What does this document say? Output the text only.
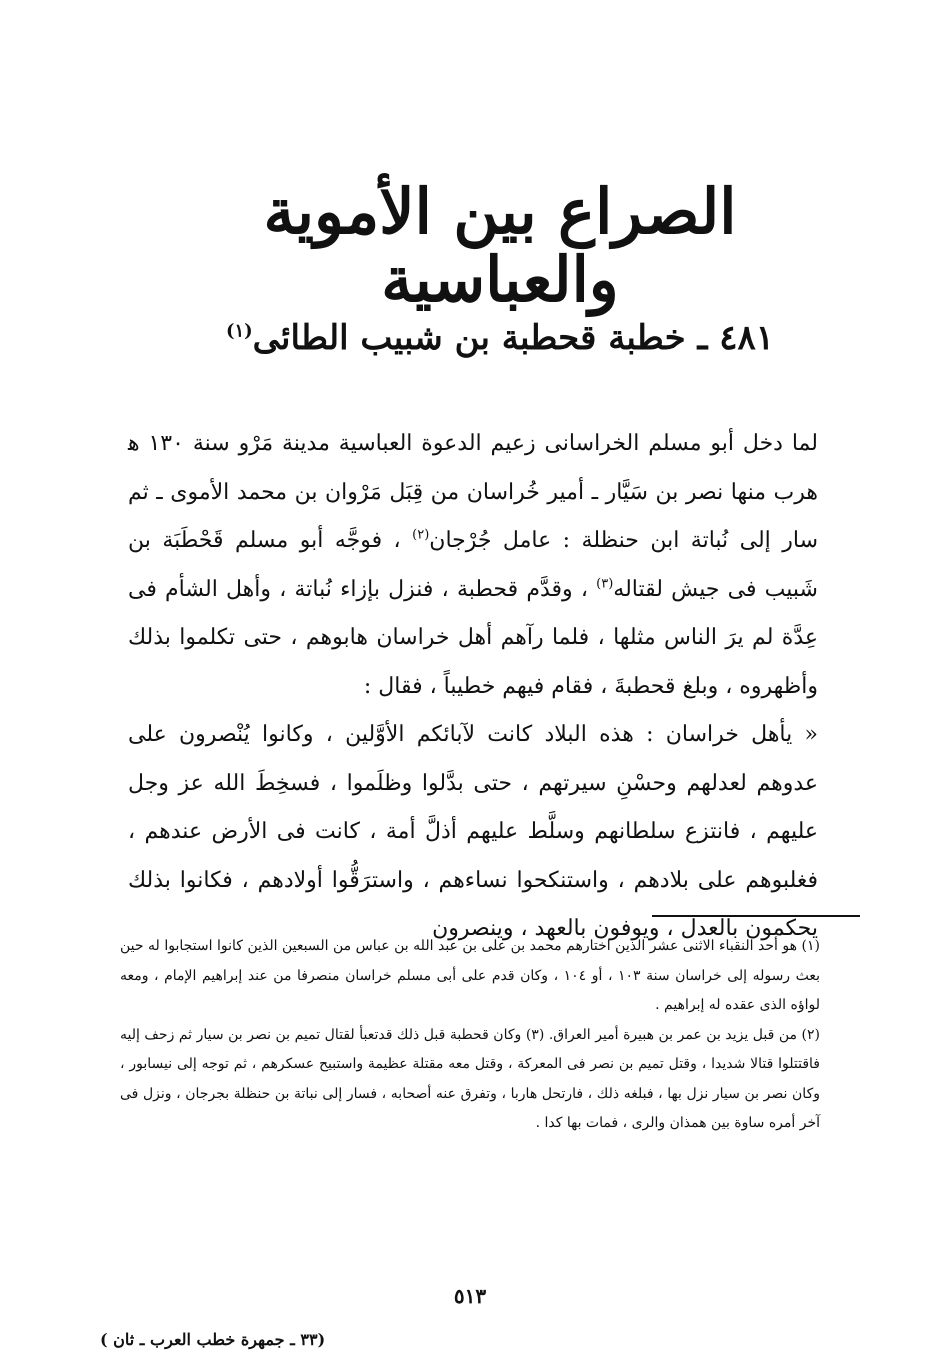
الصراع بين الأموية والعباسية
٤٨١ ـ خطبة قحطبة بن شبيب الطائى$^{(١)}$

لما دخل أبو مسلم الخراسانى زعيم الدعوة العباسية مدينة مَرْو سنة ١٣٠ ﻫ هرب منها نصر بن سَيَّار ـ أمير خُراسان من قِبَل مَرْوان بن محمد الأموى ـ ثم سار إلى نُباتة ابن حنظلة : عامل جُرْجان$^{(٢)}$ ، فوجَّه أبو مسلم قَحْطَبَة بن شَبيب فى جيش لقتاله$^{(٣)}$ ، وقدَّم قحطبة ، فنزل بإزاء نُباتة ، وأهل الشأم فى عِدَّة لم يرَ الناس مثلها ، فلما رآهم أهل خراسان هابوهم ، حتى تكلموا بذلك وأظهروه ، وبلغ قحطبةَ ، فقام فيهم خطيباً ، فقال :

« يأهل خراسان : هذه البلاد كانت لآبائكم الأوَّلين ، وكانوا يُنْصرون على عدوهم لعدلهم وحسْنِ سيرتهم ، حتى بدَّلوا وظلَموا ، فسخِطَ الله عز وجل عليهم ، فانتزع سلطانهم وسلَّط عليهم أذلَّ أمة ، كانت فى الأرض عندهم ، فغلبوهم على بلادهم ، واستنكحوا نساءهم ، واسترَقُّوا أولادهم ، فكانوا بذلك يحكمون بالعدل ، ويوفون بالعهد ، وينصرون

(١) هو أحد النقباء الاثنى عشر الذين اختارهم محمد بن على بن عبد الله بن عباس من السبعين الذين كانوا استجابوا له حين بعث رسوله إلى خراسان سنة ١٠٣ ، أو ١٠٤ ، وكان قدم على أبى مسلم خراسان منصرفا من عند إبراهيم الإمام ، ومعه لواؤه الذى عقده له إبراهيم .

(٢) من قبل يزيد بن عمر بن هبيرة أمير العراق. (٣) وكان قحطبة قبل ذلك قدتعبأ لقتال تميم بن نصر بن سيار ثم زحف إليه فاقتتلوا قتالا شديدا ، وقتل تميم بن نصر فى المعركة ، وقتل معه مقتلة عظيمة واستبيح عسكرهم ، ثم توجه إلى نيسابور ، وكان نصر بن سيار نزل بها ، فبلغه ذلك ، فارتحل هاربا ، وتفرق عنه أصحابه ، فسار إلى نباتة بن حنظلة بجرجان ، ونزل فى آخر أمره ساوة بين همذان والرى ، فمات بها كدا .

٥١٣
(٣٣ ـ جمهرة خطب العرب ـ ثان )
